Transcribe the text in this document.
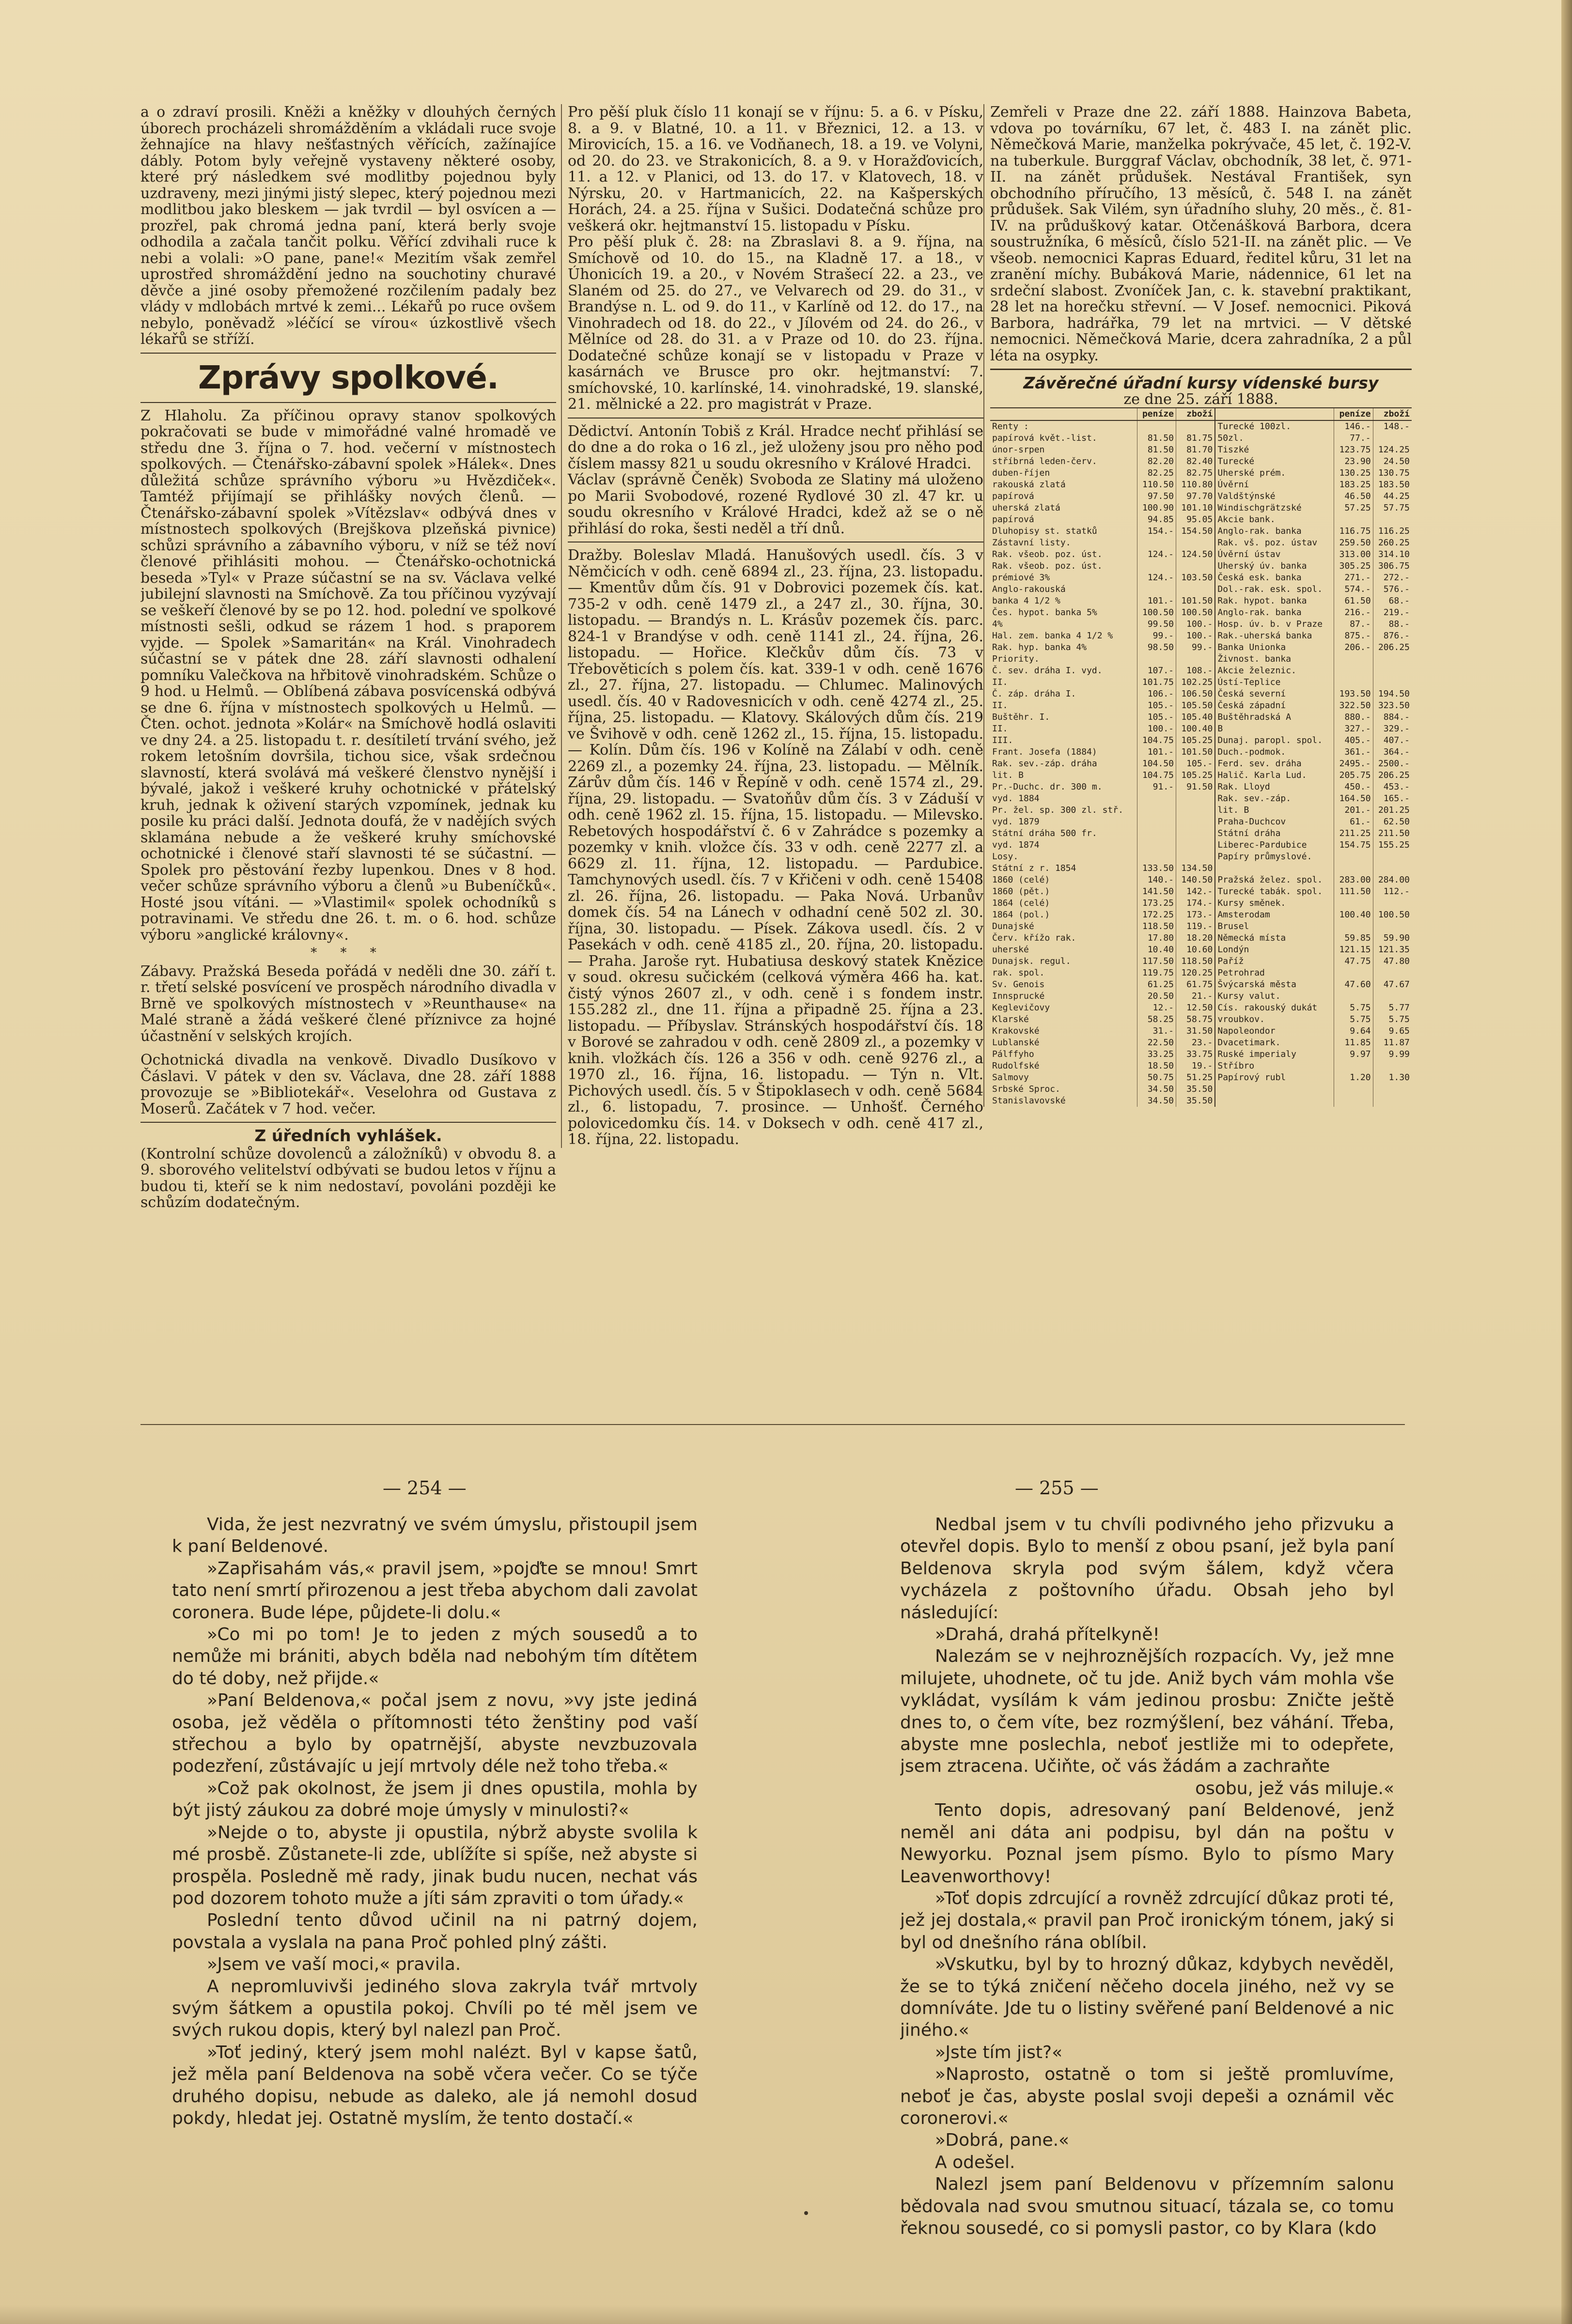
a o zdraví prosili. Kněži a kněžky v dlouhých černých úborech procházeli shromážděním a vkládali ruce svoje žehnajíce na hlavy nešťastných věřících, zažínajíce dábly. Potom byly veřejně vystaveny některé osoby, které prý následkem své modlitby pojednou byly uzdraveny, mezi jinými jistý slepec, který pojednou mezi modlitbou jako bleskem — jak tvrdil — byl osvícen a — prozřel, pak chromá jedna paní, která berly svoje odhodila a začala tančit polku. Věřící zdvihali ruce k nebi a volali: »O pane, pane!« Mezitím však zemřel uprostřed shromáždění jedno na souchotiny churavé děvče a jiné osoby přemožené rozčilením padaly bez vlády v mdlobách mrtvé k zemi... Lékařů po ruce ovšem nebylo, poněvadž »léčící se vírou« úzkostlivě všech lékařů se stříží.

Zprávy spolkové.

Z Hlaholu. Za příčinou opravy stanov spolkových pokračovati se bude v mimořádné valné hromadě ve středu dne 3. října o 7. hod. večerní v místnostech spolkových. — Čtenářsko-zábavní spolek »Hálek«. Dnes důležitá schůze správního výboru »u Hvězdiček«. Tamtéž přijímají se přihlášky nových členů. — Čtenářsko-zábavní spolek »Vítězslav« odbývá dnes v místnostech spolkových (Brejškova plzeňská pivnice) schůzi správního a zábavního výboru, v níž se též noví členové přihlásiti mohou. — Čtenářsko-ochotnická beseda »Tyl« v Praze súčastní se na sv. Václava velké jubilejní slavnosti na Smíchově. Za tou příčinou vyzývají se veškeří členové by se po 12. hod. polední ve spolkové místnosti sešli, odkud se rázem 1 hod. s praporem vyjde. — Spolek »Samaritán« na Král. Vinohradech súčastní se v pátek dne 28. září slavnosti odhalení pomníku Valečkova na hřbitově vinohradském. Schůze o 9 hod. u Helmů. — Oblíbená zábava posvícenská odbývá se dne 6. října v místnostech spolkových u Helmů. — Čten. ochot. jednota »Kolár« na Smíchově hodlá oslaviti ve dny 24. a 25. listopadu t. r. desítiletí trvání svého, jež rokem letošním dovršila, tichou sice, však srdečnou slavností, která svolává má veškeré členstvo nynější i bývalé, jakož i veškeré kruhy ochotnické v přátelský kruh, jednak k oživení starých vzpomínek, jednak ku posile ku práci další. Jednota doufá, že v nadějích svých sklamána nebude a že veškeré kruhy smíchovské ochotnické i členové staří slavnosti té se súčastní. — Spolek pro pěstování řezby lupenkou. Dnes v 8 hod. večer schůze správního výboru a členů »u Bubeníčků«. Hosté jsou vítáni. — »Vlastimil« spolek ochodníků s potravinami. Ve středu dne 26. t. m. o 6. hod. schůze výboru »anglické královny«.

* * *

Zábavy. Pražská Beseda pořádá v neděli dne 30. září t. r. třetí selské posvícení ve prospěch národního divadla v Brně ve spolkových místnostech v »Reunthause« na Malé straně a žádá veškeré člené příznivce za hojné účastnění v selských krojích.

Ochotnická divadla na venkově. Divadlo Dusíkovo v Čáslavi. V pátek v den sv. Václava, dne 28. září 1888 provozuje se »Bibliotekář«. Veselohra od Gustava z Moserů. Začátek v 7 hod. večer.

Z úředních vyhlášek.

(Kontrolní schůze dovolenců a záložníků) v obvodu 8. a 9. sborového velitelství odbývati se budou letos v říjnu a budou ti, kteří se k nim nedostaví, povoláni později ke schůzím dodatečným.

Pro pěší pluk číslo 11 konají se v říjnu: 5. a 6. v Písku, 8. a 9. v Blatné, 10. a 11. v Březnici, 12. a 13. v Mirovicích, 15. a 16. ve Vodňanech, 18. a 19. ve Volyni, od 20. do 23. ve Strakonicích, 8. a 9. v Horažďovicích, 11. a 12. v Planici, od 13. do 17. v Klatovech, 18. v Nýrsku, 20. v Hartmanicích, 22. na Kašperských Horách, 24. a 25. října v Sušici. Dodatečná schůze pro veškerá okr. hejtmanství 15. listopadu v Písku.

Pro pěší pluk č. 28: na Zbraslavi 8. a 9. října, na Smíchově od 10. do 15., na Kladně 17. a 18., v Úhonicích 19. a 20., v Novém Strašecí 22. a 23., ve Slaném od 25. do 27., ve Velvarech od 29. do 31., v Brandýse n. L. od 9. do 11., v Karlíně od 12. do 17., na Vinohradech od 18. do 22., v Jílovém od 24. do 26., v Mělníce od 28. do 31. a v Praze od 10. do 23. října. Dodatečné schůze konají se v listopadu v Praze v kasárnách ve Brusce pro okr. hejtmanství: 7. smíchovské, 10. karlínské, 14. vinohradské, 19. slanské, 21. mělnické a 22. pro magistrát v Praze.

Dědictví. Antonín Tobiš z Král. Hradce nechť přihlásí se do dne a do roka o 16 zl., jež uloženy jsou pro něho pod číslem massy 821 u soudu okresního v Králové Hradci.

Václav (správně Čeněk) Svoboda ze Slatiny má uloženo po Marii Svobodové, rozené Rydlové 30 zl. 47 kr. u soudu okresního v Králové Hradci, kdež až se o ně přihlásí do roka, šesti neděl a tří dnů.

Dražby. Boleslav Mladá. Hanušových usedl. čís. 3 v Němčicích v odh. ceně 6894 zl., 23. října, 23. listopadu. — Kmentův dům čís. 91 v Dobrovici pozemek čís. kat. 735-2 v odh. ceně 1479 zl., a 247 zl., 30. října, 30. listopadu. — Brandýs n. L. Krásův pozemek čís. parc. 824-1 v Brandýse v odh. ceně 1141 zl., 24. října, 26. listopadu. — Hořice. Klečkův dům čís. 73 v Třebověticích s polem čís. kat. 339-1 v odh. ceně 1676 zl., 27. října, 27. listopadu. — Chlumec. Malinových usedl. čís. 40 v Radovesnicích v odh. ceně 4274 zl., 25. října, 25. listopadu. — Klatovy. Skálových dům čís. 219 ve Švihově v odh. ceně 1262 zl., 15. října, 15. listopadu. — Kolín. Dům čís. 196 v Kolíně na Zálabí v odh. ceně 2269 zl., a pozemky 24. října, 23. listopadu. — Mělník. Zárův dům čís. 146 v Řepíně v odh. ceně 1574 zl., 29. října, 29. listopadu. — Svatoňův dům čís. 3 v Záduší v odh. ceně 1962 zl. 15. října, 15. listopadu. — Milevsko. Rebetových hospodářství č. 6 v Zahrádce s pozemky a pozemky v knih. vložce čís. 33 v odh. ceně 2277 zl. a 6629 zl. 11. října, 12. listopadu. — Pardubice. Tamchynových usedl. čís. 7 v Křičeni v odh. ceně 15408 zl. 26. října, 26. listopadu. — Paka Nová. Urbanův domek čís. 54 na Lánech v odhadní ceně 502 zl. 30. října, 30. listopadu. — Písek. Zákova usedl. čís. 2 v Pasekách v odh. ceně 4185 zl., 20. října, 20. listopadu. — Praha. Jaroše ryt. Hubatiusa deskový statek Knězice v soud. okresu sučickém (celková výměra 466 ha. kat. čistý výnos 2607 zl., v odh. ceně i s fondem instr. 155.282 zl., dne 11. října a připadně 25. října a 23. listopadu. — Příbyslav. Stránských hospodářství čís. 18 v Borové se zahradou v odh. ceně 2809 zl., a pozemky v knih. vložkách čís. 126 a 356 v odh. ceně 9276 zl., a 1970 zl., 16. října, 16. listopadu. — Týn n. Vlt. Pichových usedl. čís. 5 v Štipoklasech v odh. ceně 5684 zl., 6. listopadu, 7. prosince. — Unhošť. Černého polovicedomku čís. 14. v Doksech v odh. ceně 417 zl., 18. října, 22. listopadu.

Zemřeli v Praze dne 22. září 1888. Hainzova Babeta, vdova po továrníku, 67 let, č. 483 I. na zánět plic. Němečková Marie, manželka pokrývače, 45 let, č. 192-V. na tuberkule. Burggraf Václav, obchodník, 38 let, č. 971-II. na zánět průdušek. Nestával František, syn obchodního příručího, 13 měsíců, č. 548 I. na zánět průdušek. Sak Vilém, syn úřadního sluhy, 20 měs., č. 81-IV. na průduškový katar. Otčenášková Barbora, dcera soustružníka, 6 měsíců, číslo 521-II. na zánět plic. — Ve všeob. nemocnici Kapras Eduard, ředitel kůru, 31 let na zranění míchy. Bubáková Marie, nádennice, 61 let na srdeční slabost. Zvoníček Jan, c. k. stavební praktikant, 28 let na horečku střevní. — V Josef. nemocnici. Piková Barbora, hadrářka, 79 let na mrtvici. — V dětské nemocnici. Němečková Marie, dcera zahradníka, 2 a půl léta na osypky.

Závěrečné úřadní kursy vídenské bursy

ze dne 25. září 1888.

	peníze	zboží		peníze	zboží
Renty :			Turecké 100zl.	146.-	148.-
papírová květ.-list.	81.50	81.75	50zl.	77.-	
únor-srpen	81.50	81.70	Tiszké	123.75	124.25
stříbrná leden-červ.	82.20	82.40	Turecké	23.90	24.50
duben-říjen	82.25	82.75	Uherské prém.	130.25	130.75
rakouská zlatá	110.50	110.80	Úvěrní	183.25	183.50
papírová	97.50	97.70	Valdštýnské	46.50	44.25
uherská zlatá	100.90	101.10	Windischgrätzské	57.25	57.75
papírová	94.85	95.05	Akcie bank.		
Dluhopisy st. statků	154.-	154.50	Anglo-rak. banka	116.75	116.25
Zástavní listy.			Rak. vš. poz. ústav	259.50	260.25
Rak. všeob. poz. úst.	124.-	124.50	Úvěrní ústav	313.00	314.10
Rak. všeob. poz. úst.			Uherský úv. banka	305.25	306.75
prémiové 3%	124.-	103.50	Česká esk. banka	271.-	272.-
Anglo-rakouská			Dol.-rak. esk. spol.	574.-	576.-
banka 4 1/2 %	101.-	101.50	Rak. hypot. banka	61.50	68.-
Čes. hypot. banka 5%	100.50	100.50	Anglo-rak. banka	216.-	219.-
4%	99.50	100.-	Hosp. úv. b. v Praze	87.-	88.-
Hal. zem. banka 4 1/2 %	99.-	100.-	Rak.-uherská banka	875.-	876.-
Rak. hyp. banka 4%	98.50	99.-	Banka Unionka	206.-	206.25
Priority.			Živnost. banka		
Č. sev. dráha I. vyd.	107.-	108.-	Akcie železnic.		
II.	101.75	102.25	Ústí-Teplice		
Č. záp. dráha I.	106.-	106.50	Česká severní	193.50	194.50
II.	105.-	105.50	Česká západní	322.50	323.50
Buštěhr. I.	105.-	105.40	Buštěhradská A	880.-	884.-
II.	100.-	100.40	B	327.-	329.-
III.	104.75	105.25	Dunaj. paropl. spol.	405.-	407.-
Frant. Josefa (1884)	101.-	101.50	Duch.-podmok.	361.-	364.-
Rak. sev.-záp. dráha	104.50	105.-	Ferd. sev. dráha	2495.-	2500.-
lit. B	104.75	105.25	Halič. Karla Lud.	205.75	206.25
Pr.-Duchc. dr. 300 m.	91.-	91.50	Rak. Lloyd	450.-	453.-
vyd. 1884			Rak. sev.-záp.	164.50	165.-
Pr. žel. sp. 300 zl. stř.			lit. B	201.-	201.25
vyd. 1879			Praha-Duchcov	61.-	62.50
Státní dráha 500 fr.			Státní dráha	211.25	211.50
vyd. 1874			Liberec-Pardubice	154.75	155.25
Losy.			Papíry průmyslové.		
Státní z r. 1854	133.50	134.50			
1860 (celé)	140.-	140.50	Pražská želez. spol.	283.00	284.00
1860 (pět.)	141.50	142.-	Turecké tabák. spol.	111.50	112.-
1864 (celé)	173.25	174.-	Kursy směnek.		
1864 (pol.)	172.25	173.-	Amsterodam	100.40	100.50
Dunajské	118.50	119.-	Brusel		
Červ. křížo rak.	17.80	18.20	Německá místa	59.85	59.90
uherské	10.40	10.60	Londýn	121.15	121.35
Dunajsk. regul.	117.50	118.50	Paříž	47.75	47.80
rak. spol.	119.75	120.25	Petrohrad		
Sv. Genois	61.25	61.75	Švýcarská města	47.60	47.67
Innsprucké	20.50	21.-	Kursy valut.		
Keglevičovy	12.-	12.50	Cís. rakouský dukát	5.75	5.77
Klarské	58.25	58.75	vroubkov.	5.75	5.75
Krakovské	31.-	31.50	Napoleondor	9.64	9.65
Lublanské	22.50	23.-	Dvacetimark.	11.85	11.87
Pálffyho	33.25	33.75	Ruské imperialy	9.97	9.99
Rudolfské	18.50	19.-	Stříbro		
Salmovy	50.75	51.25	Papírový rubl	1.20	1.30
Srbské Sproc.	34.50	35.50			
Stanislavovské	34.50	35.50			
— 254 —	— 255 —

Vida, že jest nezvratný ve svém úmyslu, přistoupil jsem k paní Beldenové.

»Zapřisahám vás,« pravil jsem, »pojďte se mnou! Smrt tato není smrtí přirozenou a jest třeba abychom dali zavolat coronera. Bude lépe, půjdete-li dolu.«

»Co mi po tom! Je to jeden z mých sousedů a to nemůže mi brániti, abych bděla nad nebohým tím dítětem do té doby, než přijde.«

»Paní Beldenova,« počal jsem z novu, »vy jste jediná osoba, jež věděla o přítomnosti této ženštiny pod vaší střechou a bylo by opatrnější, abyste nevzbuzovala podezření, zůstávajíc u její mrtvoly déle než toho třeba.«

»Což pak okolnost, že jsem ji dnes opustila, mohla by být jistý záukou za dobré moje úmysly v minulosti?«

»Nejde o to, abyste ji opustila, nýbrž abyste svolila k mé prosbě. Zůstanete-li zde, ublížíte si spíše, než abyste si prospěla. Posledně mě rady, jinak budu nucen, nechat vás pod dozorem tohoto muže a jíti sám zpraviti o tom úřady.«

Poslední tento důvod učinil na ni patrný dojem, povstala a vyslala na pana Proč pohled plný zášti.

»Jsem ve vaší moci,« pravila.

A nepromluvivši jediného slova zakryla tvář mrtvoly svým šátkem a opustila pokoj. Chvíli po té měl jsem ve svých rukou dopis, který byl nalezl pan Proč.

»Toť jediný, který jsem mohl nalézt. Byl v kapse šatů, jež měla paní Beldenova na sobě včera večer. Co se týče druhého dopisu, nebude as daleko, ale já nemohl dosud pokdy, hledat jej. Ostatně myslím, že tento dostačí.«

Nedbal jsem v tu chvíli podivného jeho přizvuku a otevřel dopis. Bylo to menší z obou psaní, jež byla paní Beldenova skryla pod svým šálem, když včera vycházela z poštovního úřadu. Obsah jeho byl následující:

»Drahá, drahá přítelkyně!

Nalezám se v nejhroznějších rozpacích. Vy, jež mne milujete, uhodnete, oč tu jde. Aniž bych vám mohla vše vykládat, vysílám k vám jedinou prosbu: Zničte ještě dnes to, o čem víte, bez rozmýšlení, bez váhání. Třeba, abyste mne poslechla, neboť jestliže mi to odepřete, jsem ztracena. Učiňte, oč vás žádám a zachraňte

osobu, jež vás miluje.«

Tento dopis, adresovaný paní Beldenové, jenž neměl ani dáta ani podpisu, byl dán na poštu v Newyorku. Poznal jsem písmo. Bylo to písmo Mary Leavenworthovy!

»Toť dopis zdrcující a rovněž zdrcující důkaz proti té, jež jej dostala,« pravil pan Proč ironickým tónem, jaký si byl od dnešního rána oblíbil.

»Vskutku, byl by to hrozný důkaz, kdybych nevěděl, že se to týká zničení něčeho docela jiného, než vy se domníváte. Jde tu o listiny svěřené paní Beldenové a nic jiného.«

»Jste tím jist?«

»Naprosto, ostatně o tom si ještě promluvíme, neboť je čas, abyste poslal svoji depeši a oznámil věc coronerovi.«

»Dobrá, pane.«

A odešel.

Nalezl jsem paní Beldenovu v přízemním salonu bědovala nad svou smutnou situací, tázala se, co tomu řeknou sousedé, co si pomysli pastor, co by Klara (kdo
